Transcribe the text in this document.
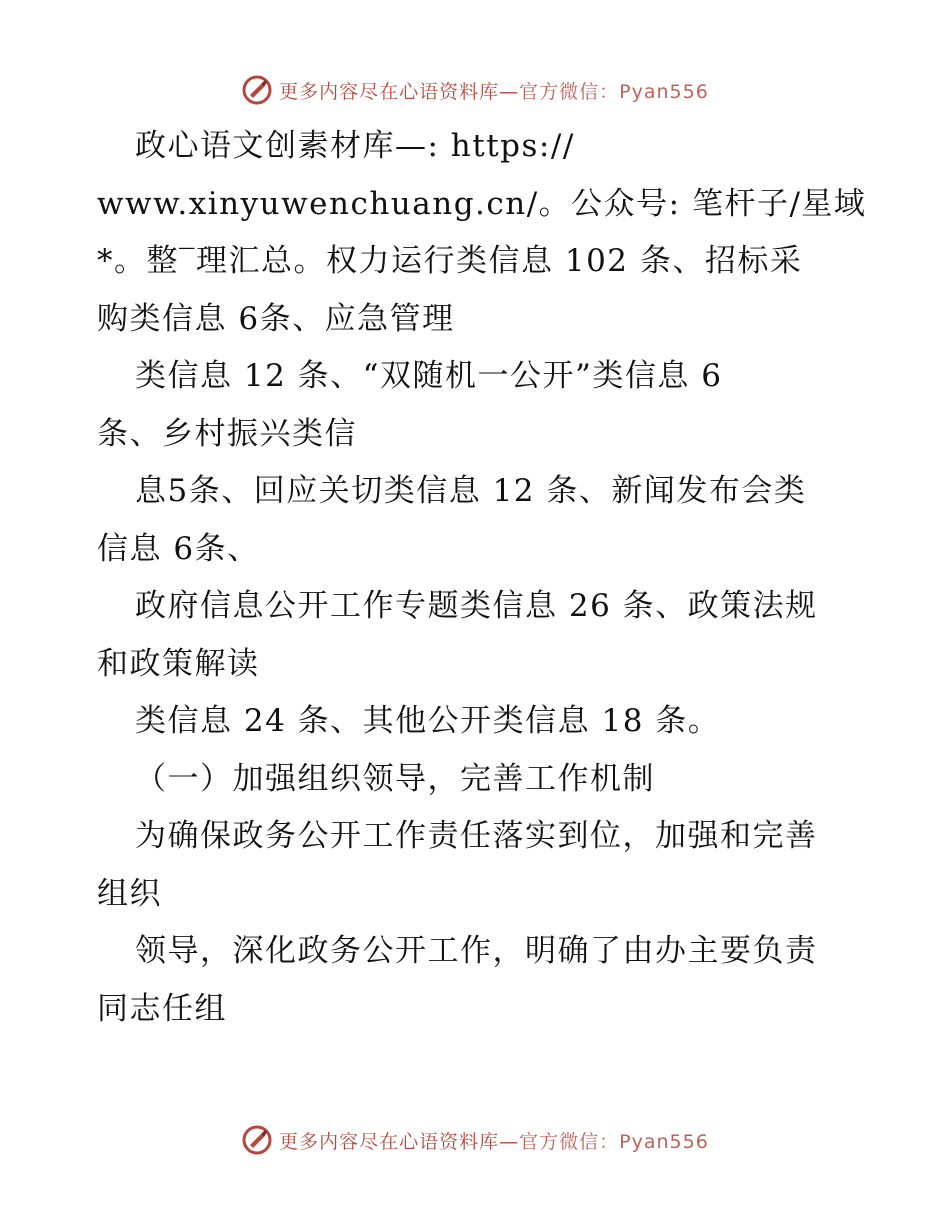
更多内容尽在心语资料库—官方微信：Pyan556
政心语文创素材库—: https://
www.xinyuwenchuang.cn/。公众号: 笔杆子/星域
*。整‾理汇总。权力运行类信息 102 条、招标采
购类信息 6条、应急管理
类信息 12 条、“双随机一公开”类信息 6
条、乡村振兴类信
息5条、回应关切类信息 12 条、新闻发布会类
信息 6条、
政府信息公开工作专题类信息 26 条、政策法规
和政策解读
类信息 24 条、其他公开类信息 18 条。
（一）加强组织领导，完善工作机制
为确保政务公开工作责任落实到位，加强和完善
组织
领导，深化政务公开工作，明确了由办主要负责
同志任组
更多内容尽在心语资料库—官方微信：Pyan556
